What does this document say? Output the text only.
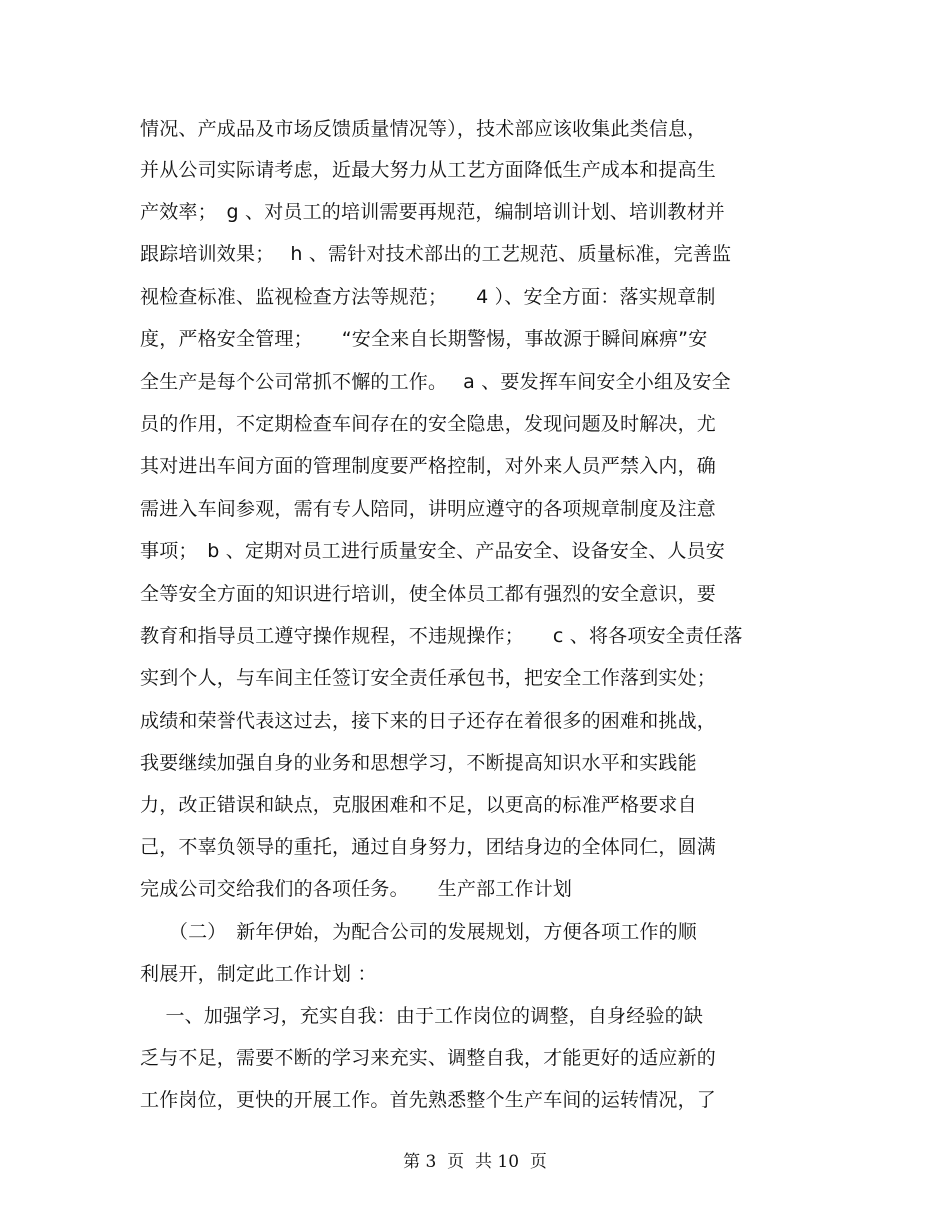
情况、产成品及市场反馈质量情况等），技术部应该收集此类信息，
并从公司实际请考虑，近最大努力从工艺方面降低生产成本和提高生
产效率；　g 、对员工的培训需要再规范，编制培训计划、培训教材并
跟踪培训效果；　 h 、需针对技术部出的工艺规范、质量标准，完善监
视检查标准、监视检查方法等规范；　　4 ）、安全方面：落实规章制
度，严格安全管理；　　“安全来自长期警惕，事故源于瞬间麻痹”安
全生产是每个公司常抓不懈的工作。　 a 、要发挥车间安全小组及安全
员的作用，不定期检查车间存在的安全隐患，发现问题及时解决，尤
其对进出车间方面的管理制度要严格控制，对外来人员严禁入内，确
需进入车间参观，需有专人陪同，讲明应遵守的各项规章制度及注意
事项；　b 、定期对员工进行质量安全、产品安全、设备安全、人员安
全等安全方面的知识进行培训，使全体员工都有强烈的安全意识，要
教育和指导员工遵守操作规程，不违规操作；　　c 、将各项安全责任落
实到个人，与车间主任签订安全责任承包书，把安全工作落到实处；
成绩和荣誉代表这过去，接下来的日子还存在着很多的困难和挑战，
我要继续加强自身的业务和思想学习，不断提高知识水平和实践能
力，改正错误和缺点，克服困难和不足，以更高的标准严格要求自
己，不辜负领导的重托，通过自身努力，团结身边的全体同仁，圆满
完成公司交给我们的各项任务。　　生产部工作计划
　　（二）　新年伊始，为配合公司的发展规划，方便各项工作的顺
利展开，制定此工作计划 ：
　 一、加强学习，充实自我：由于工作岗位的调整，自身经验的缺
乏与不足，需要不断的学习来充实、调整自我，才能更好的适应新的
工作岗位，更快的开展工作。首先熟悉整个生产车间的运转情况，了
第 3  页  共 10  页
